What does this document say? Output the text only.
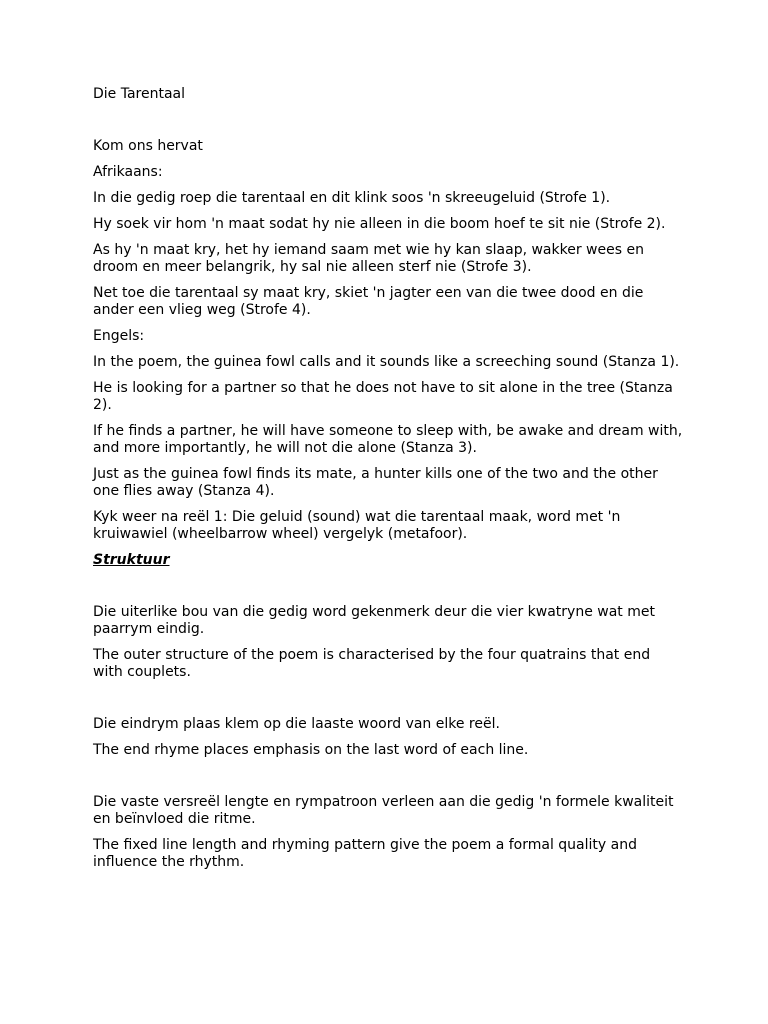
Die Tarentaal

Kom ons hervat

Afrikaans:

In die gedig roep die tarentaal en dit klink soos 'n skreeugeluid (Strofe 1).

Hy soek vir hom 'n maat sodat hy nie alleen in die boom hoef te sit nie (Strofe 2).

As hy 'n maat kry, het hy iemand saam met wie hy kan slaap, wakker wees en droom en meer belangrik, hy sal nie alleen sterf nie (Strofe 3).

Net toe die tarentaal sy maat kry, skiet 'n jagter een van die twee dood en die ander een vlieg weg (Strofe 4).

Engels:

In the poem, the guinea fowl calls and it sounds like a screeching sound (Stanza 1).

He is looking for a partner so that he does not have to sit alone in the tree (Stanza 2).

If he finds a partner, he will have someone to sleep with, be awake and dream with, and more importantly, he will not die alone (Stanza 3).

Just as the guinea fowl finds its mate, a hunter kills one of the two and the other one flies away (Stanza 4).

Kyk weer na reël 1: Die geluid (sound) wat die tarentaal maak, word met 'n kruiwawiel (wheelbarrow wheel) vergelyk (metafoor).

Struktuur

Die uiterlike bou van die gedig word gekenmerk deur die vier kwatryne wat met paarrym eindig.

The outer structure of the poem is characterised by the four quatrains that end with couplets.

Die eindrym plaas klem op die laaste woord van elke reël.

The end rhyme places emphasis on the last word of each line.

Die vaste versreël lengte en rympatroon verleen aan die gedig 'n formele kwaliteit en beïnvloed die ritme.

The fixed line length and rhyming pattern give the poem a formal quality and influence the rhythm.
